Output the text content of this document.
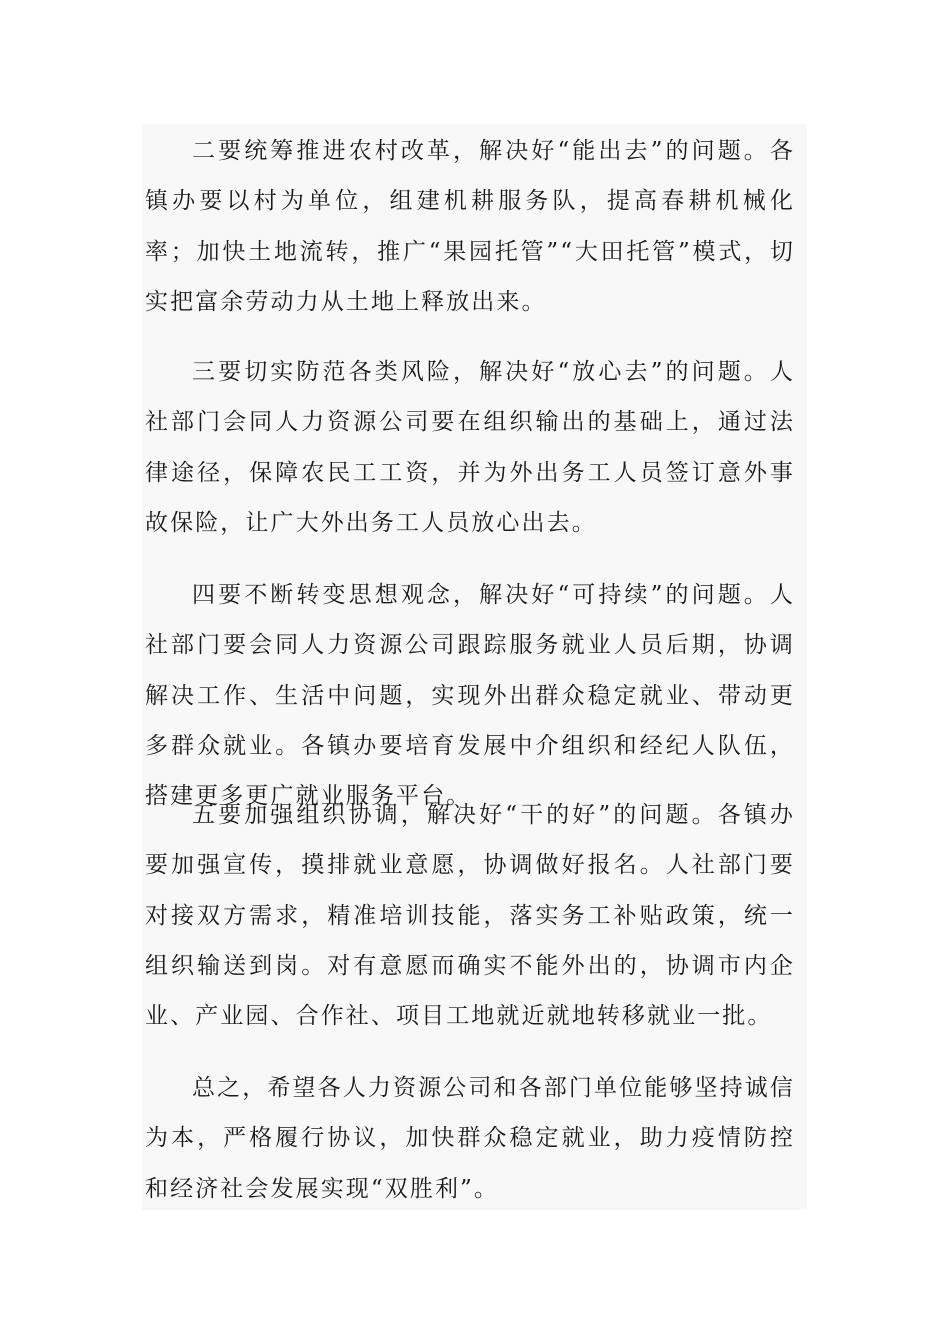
二要统筹推进农村改革，解决好“能出去”的问题。各镇办要以村为单位，组建机耕服务队，提高春耕机械化率；加快土地流转，推广“果园托管”“大田托管”模式，切实把富余劳动力从土地上释放出来。

三要切实防范各类风险，解决好“放心去”的问题。人社部门会同人力资源公司要在组织输出的基础上，通过法律途径，保障农民工工资，并为外出务工人员签订意外事故保险，让广大外出务工人员放心出去。

四要不断转变思想观念，解决好“可持续”的问题。人社部门要会同人力资源公司跟踪服务就业人员后期，协调解决工作、生活中问题，实现外出群众稳定就业、带动更多群众就业。各镇办要培育发展中介组织和经纪人队伍，搭建更多更广就业服务平台。

五要加强组织协调，解决好“干的好”的问题。各镇办要加强宣传，摸排就业意愿，协调做好报名。人社部门要对接双方需求，精准培训技能，落实务工补贴政策，统一组织输送到岗。对有意愿而确实不能外出的，协调市内企业、产业园、合作社、项目工地就近就地转移就业一批。

总之，希望各人力资源公司和各部门单位能够坚持诚信为本，严格履行协议，加快群众稳定就业，助力疫情防控和经济社会发展实现“双胜利”。
